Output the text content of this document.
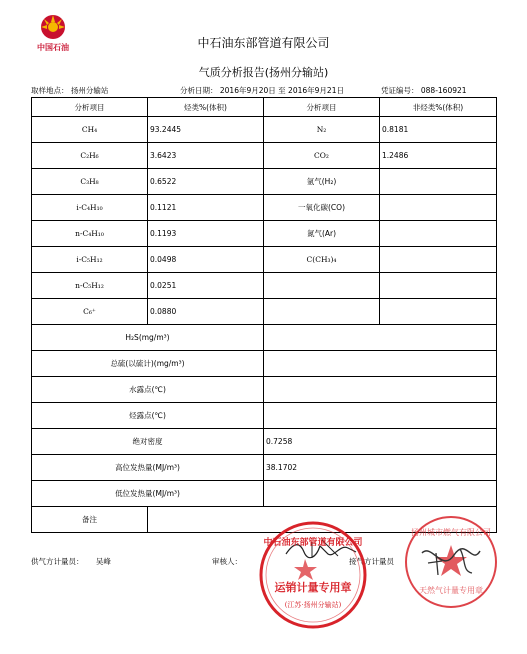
中国石油	中石油东部管道有限公司
气质分析报告(扬州分输站)
取样地点： 扬州分输站	分析日期： 2016年9月20日 至 2016年9月21日	凭证编号： 088-160921
分析项目	烃类%(体积)	分析项目	非烃类%(体积)
CH₄	93.2445	N₂	0.8181
C₂H₆	3.6423	CO₂	1.2486
C₃H₈	0.6522	氩气(H₂)	
i-C₄H₁₀	0.1121	一氧化碳(CO)	
n-C₄H₁₀	0.1193	氮气(Ar)	
i-C₅H₁₂	0.0498	C(CH₃)₄	
n-C₅H₁₂	0.0251		
C₆⁺	0.0880		
H₂S(mg/m³)			
总硫(以硫计)(mg/m³)			
水露点(℃)			
烃露点(℃)			
绝对密度		0.7258	
高位发热量(MJ/m³)		38.1702	
低位发热量(MJ/m³)			
备注			
供气方计量员： 吴峰	审核人：	接气方计量员
运销计量专用章
(江苏·扬州分输站)
中石油东部管道有限公司
扬州城市燃气有限公司
天然气计量专用章
